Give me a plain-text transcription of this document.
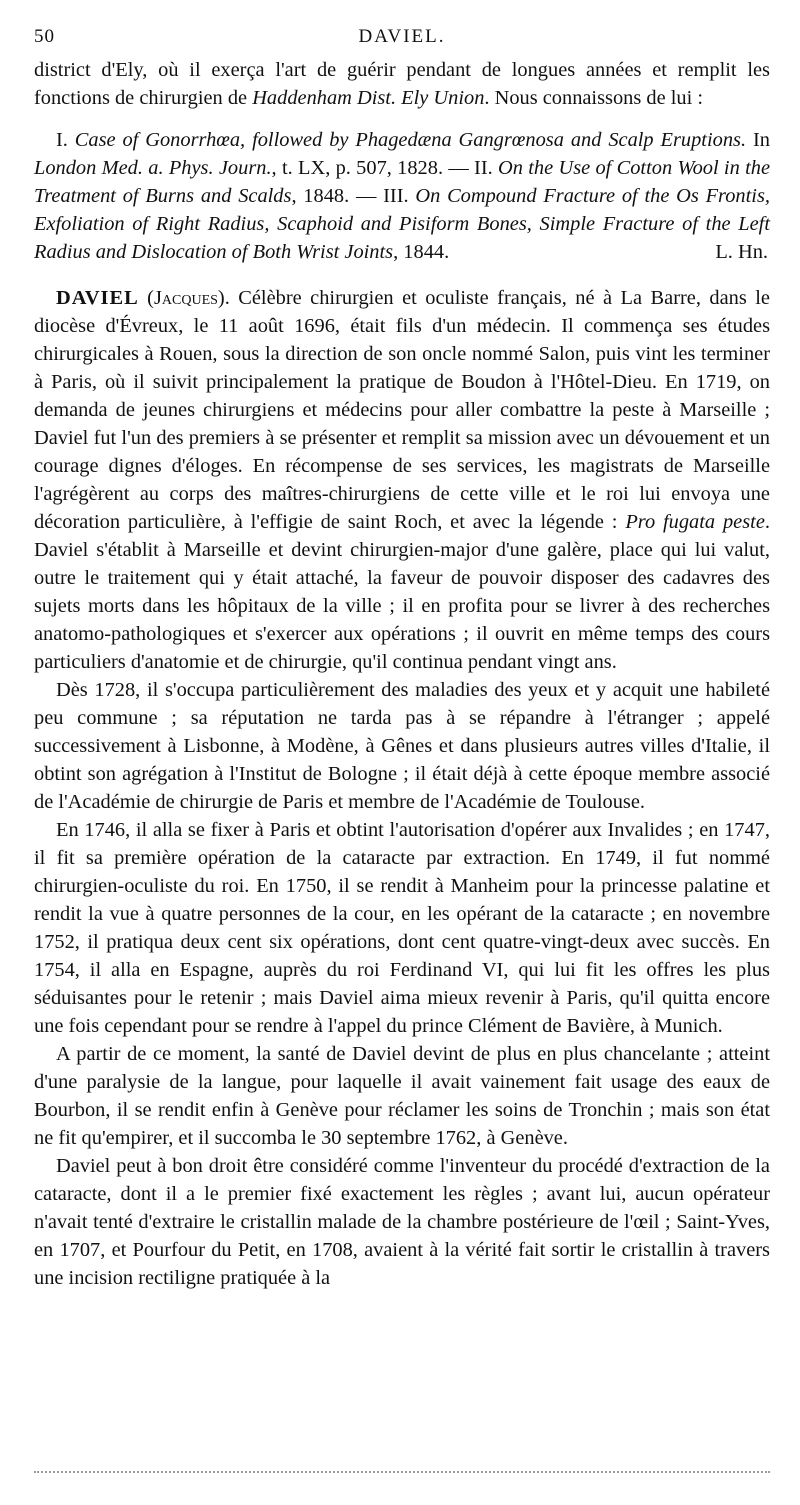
50	DAVIEL.

district d'Ely, où il exerça l'art de guérir pendant de longues années et remplit les fonctions de chirurgien de Haddenham Dist. Ely Union. Nous connaissons de lui :

I. Case of Gonorrhœa, followed by Phagedæna Gangrœnosa and Scalp Eruptions. In London Med. a. Phys. Journ., t. LX, p. 507, 1828. — II. On the Use of Cotton Wool in the Treatment of Burns and Scalds, 1848. — III. On Compound Fracture of the Os Frontis, Exfoliation of Right Radius, Scaphoid and Pisiform Bones, Simple Fracture of the Left Radius and Dislocation of Both Wrist Joints, 1844.	L. Hn.

DAVIEL (Jacques). Célèbre chirurgien et oculiste français, né à La Barre, dans le diocèse d'Évreux, le 11 août 1696, était fils d'un médecin. Il commença ses études chirurgicales à Rouen, sous la direction de son oncle nommé Salon, puis vint les terminer à Paris, où il suivit principalement la pratique de Boudon à l'Hôtel-Dieu. En 1719, on demanda de jeunes chirurgiens et médecins pour aller combattre la peste à Marseille ; Daviel fut l'un des premiers à se présenter et remplit sa mission avec un dévouement et un courage dignes d'éloges. En récompense de ses services, les magistrats de Marseille l'agrégèrent au corps des maîtres-chirurgiens de cette ville et le roi lui envoya une décoration particulière, à l'effigie de saint Roch, et avec la légende : Pro fugata peste. Daviel s'établit à Marseille et devint chirurgien-major d'une galère, place qui lui valut, outre le traitement qui y était attaché, la faveur de pouvoir disposer des cadavres des sujets morts dans les hôpitaux de la ville ; il en profita pour se livrer à des recherches anatomo-pathologiques et s'exercer aux opérations ; il ouvrit en même temps des cours particuliers d'anatomie et de chirurgie, qu'il continua pendant vingt ans.

Dès 1728, il s'occupa particulièrement des maladies des yeux et y acquit une habileté peu commune ; sa réputation ne tarda pas à se répandre à l'étranger ; appelé successivement à Lisbonne, à Modène, à Gênes et dans plusieurs autres villes d'Italie, il obtint son agrégation à l'Institut de Bologne ; il était déjà à cette époque membre associé de l'Académie de chirurgie de Paris et membre de l'Académie de Toulouse.

En 1746, il alla se fixer à Paris et obtint l'autorisation d'opérer aux Invalides ; en 1747, il fit sa première opération de la cataracte par extraction. En 1749, il fut nommé chirurgien-oculiste du roi. En 1750, il se rendit à Manheim pour la princesse palatine et rendit la vue à quatre personnes de la cour, en les opérant de la cataracte ; en novembre 1752, il pratiqua deux cent six opérations, dont cent quatre-vingt-deux avec succès. En 1754, il alla en Espagne, auprès du roi Ferdinand VI, qui lui fit les offres les plus séduisantes pour le retenir ; mais Daviel aima mieux revenir à Paris, qu'il quitta encore une fois cependant pour se rendre à l'appel du prince Clément de Bavière, à Munich.

A partir de ce moment, la santé de Daviel devint de plus en plus chancelante ; atteint d'une paralysie de la langue, pour laquelle il avait vainement fait usage des eaux de Bourbon, il se rendit enfin à Genève pour réclamer les soins de Tronchin ; mais son état ne fit qu'empirer, et il succomba le 30 septembre 1762, à Genève.

Daviel peut à bon droit être considéré comme l'inventeur du procédé d'extraction de la cataracte, dont il a le premier fixé exactement les règles ; avant lui, aucun opérateur n'avait tenté d'extraire le cristallin malade de la chambre postérieure de l'œil ; Saint-Yves, en 1707, et Pourfour du Petit, en 1708, avaient à la vérité fait sortir le cristallin à travers une incision rectiligne pratiquée à la
